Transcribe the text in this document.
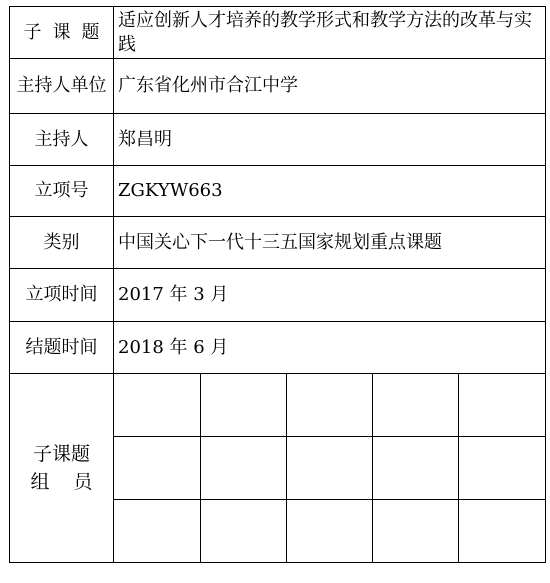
子课题	适应创新人才培养的教学形式和教学方法的改革与实践				
主持人单位	广东省化州市合江中学				
主持人	郑昌明				
立项号	ZGKYW663				
类别	中国关心下一代十三五国家规划重点课题				
立项时间	2017 年 3 月				
结题时间	2018 年 6 月				

子课题
组员					
